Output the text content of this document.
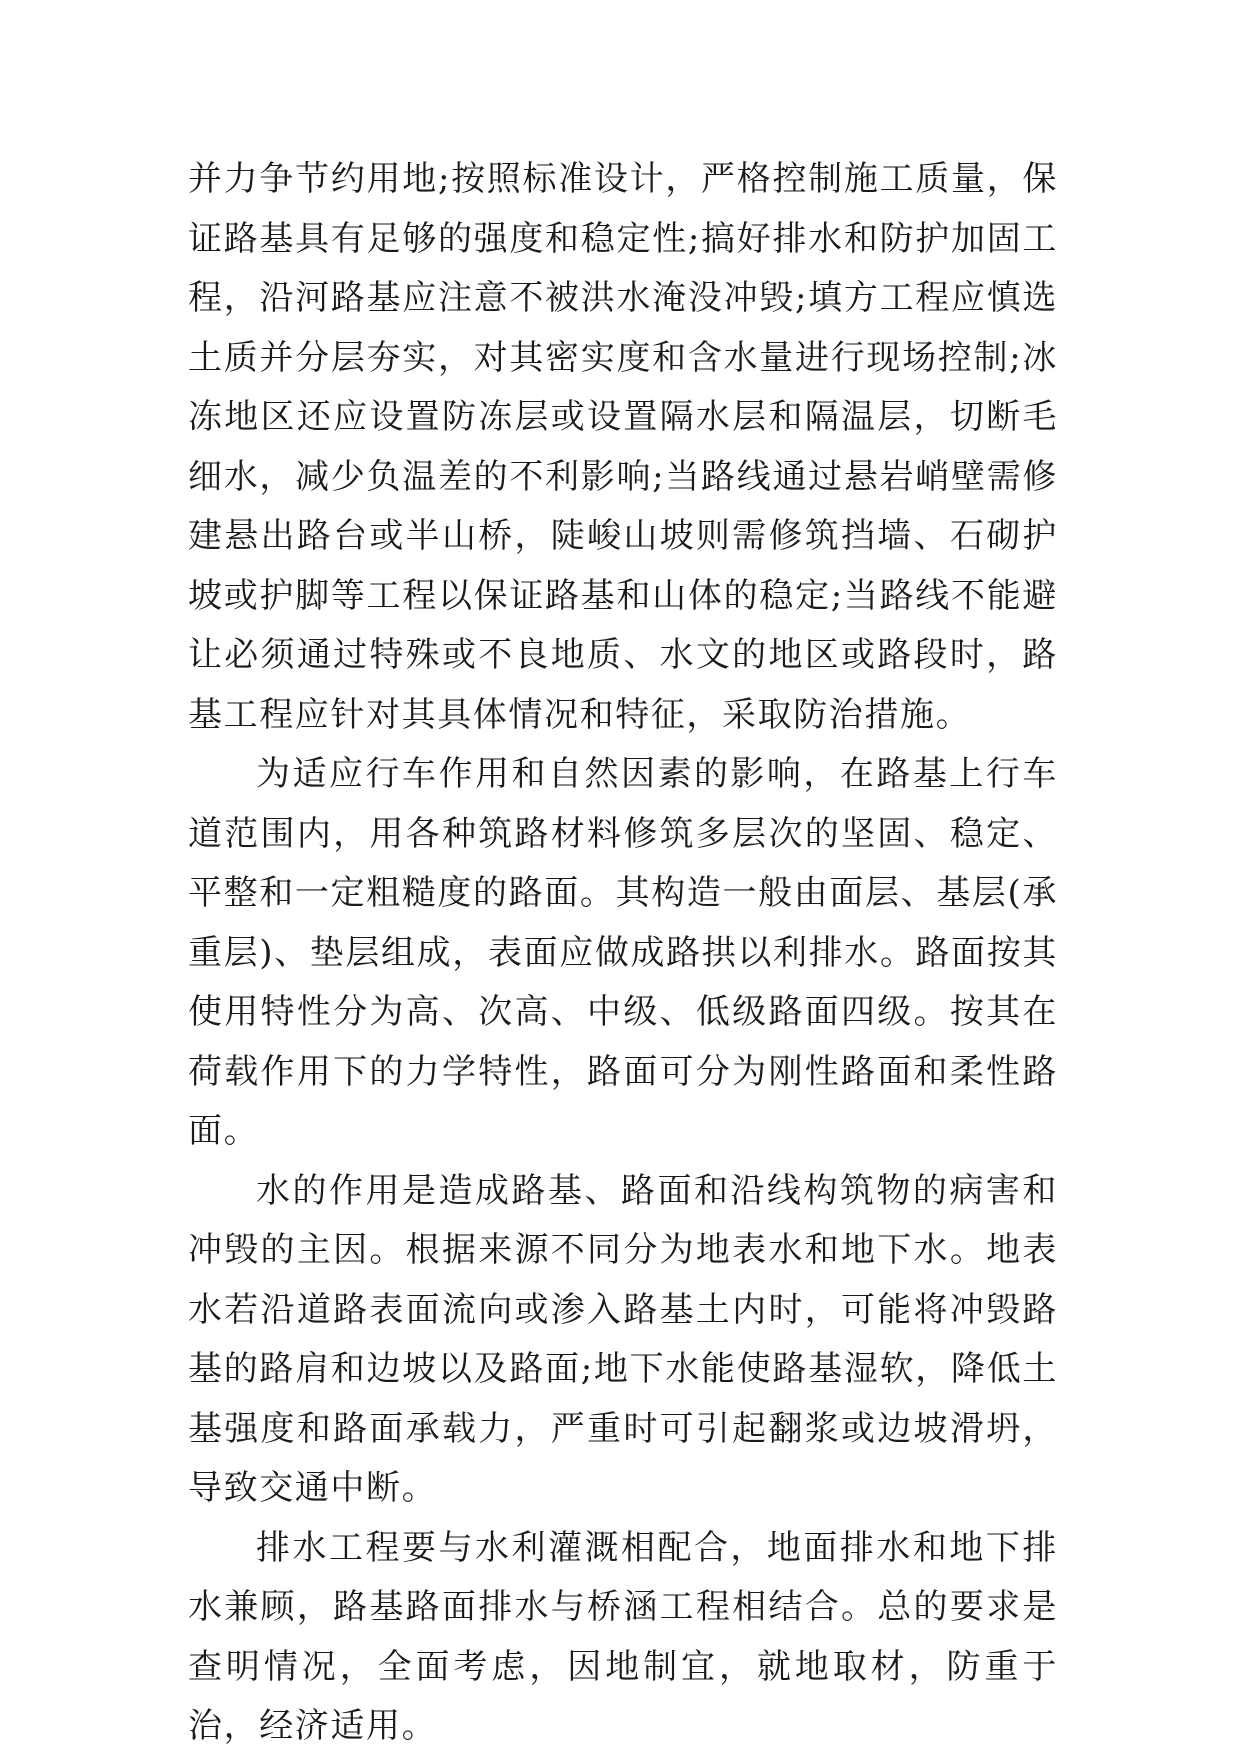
并力争节约用地;按照标准设计，严格控制施工质量，保证路基具有足够的强度和稳定性;搞好排水和防护加固工程，沿河路基应注意不被洪水淹没冲毁;填方工程应慎选土质并分层夯实，对其密实度和含水量进行现场控制;冰冻地区还应设置防冻层或设置隔水层和隔温层，切断毛细水，减少负温差的不利影响;当路线通过悬岩峭壁需修建悬出路台或半山桥，陡峻山坡则需修筑挡墙、石砌护坡或护脚等工程以保证路基和山体的稳定;当路线不能避让必须通过特殊或不良地质、水文的地区或路段时，路基工程应针对其具体情况和特征，采取防治措施。

为适应行车作用和自然因素的影响，在路基上行车道范围内，用各种筑路材料修筑多层次的坚固、稳定、平整和一定粗糙度的路面。其构造一般由面层、基层(承重层)、垫层组成，表面应做成路拱以利排水。路面按其使用特性分为高、次高、中级、低级路面四级。按其在荷载作用下的力学特性，路面可分为刚性路面和柔性路面。

水的作用是造成路基、路面和沿线构筑物的病害和冲毁的主因。根据来源不同分为地表水和地下水。地表水若沿道路表面流向或渗入路基土内时，可能将冲毁路基的路肩和边坡以及路面;地下水能使路基湿软，降低土基强度和路面承载力，严重时可引起翻浆或边坡滑坍，导致交通中断。

排水工程要与水利灌溉相配合，地面排水和地下排水兼顾，路基路面排水与桥涵工程相结合。总的要求是查明情况，全面考虑，因地制宜，就地取材，防重于治，经济适用。
